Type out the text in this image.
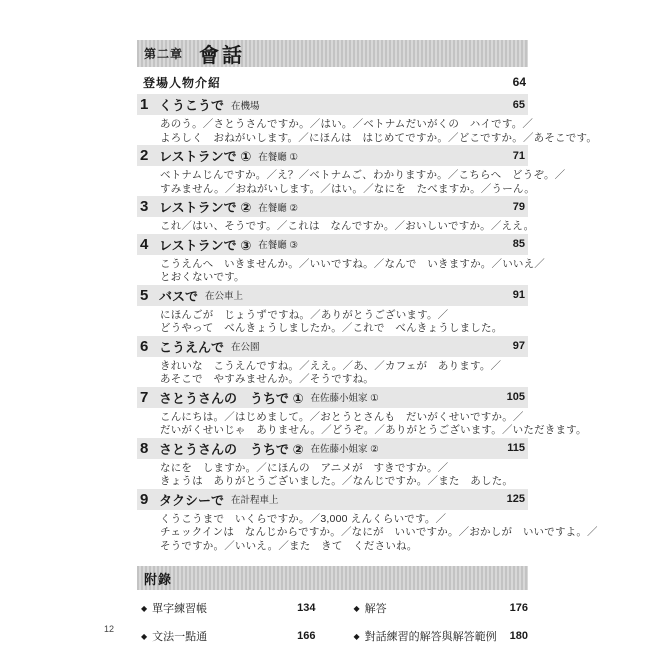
第二章 會話
登場人物介紹	64
1 くうこうで 在機場	65
あのう。／さとうさんですか。／はい。／ベトナムだいがくの　ハイです。／
よろしく　おねがいします。／にほんは　はじめてですか。／どこですか。／あそこです。
2 レストランで ① 在餐廳 ①	71
ベトナムじんですか。／え？／ベトナムご、わかりますか。／こちらへ　どうぞ。／
すみません。／おねがいします。／はい。／なにを　たべますか。／うーん。
3 レストランで ② 在餐廳 ②	79
これ／はい、そうです。／これは　なんですか。／おいしいですか。／ええ。
4 レストランで ③ 在餐廳 ③	85
こうえんへ　いきませんか。／いいですね。／なんで　いきますか。／いいえ／
とおくないです。
5 バスで 在公車上	91
にほんごが　じょうずですね。／ありがとうございます。／
どうやって　べんきょうしましたか。／これで　べんきょうしました。
6 こうえんで 在公園	97
きれいな　こうえんですね。／ええ。／あ、／カフェが　あります。／
あそこで　やすみませんか。／そうですね。
7 さとうさんの　うちで ① 在佐藤小姐家 ①	105
こんにちは。／はじめまして。／おとうとさんも　だいがくせいですか。／
だいがくせいじゃ　ありません。／どうぞ。／ありがとうございます。／いただきます。
8 さとうさんの　うちで ② 在佐藤小姐家 ②	115
なにを　しますか。／にほんの　アニメが　すきですか。／
きょうは　ありがとうございました。／なんじですか。／また　あした。
9 タクシーで 在計程車上	125
くうこうまで　いくらですか。／3,000 えんくらいです。／
チェックインは　なんじからですか。／なにが　いいですか。／おかしが　いいですよ。／
そうですか。／いいえ。／また　きて　くださいね。
附錄
◆ 單字練習帳	134
◆ 文法一點通	166
◆ 解答	176
◆ 對話練習的解答與解答範例	180
12
